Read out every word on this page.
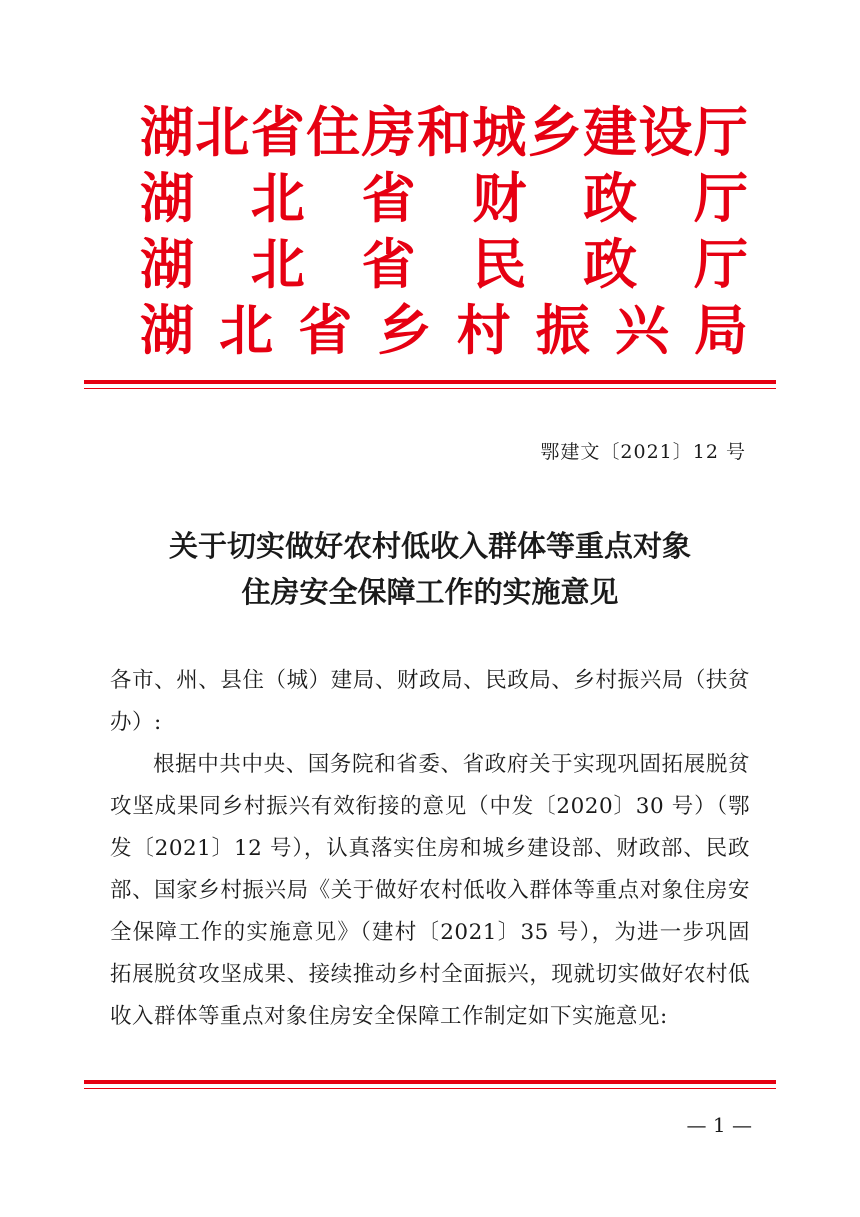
湖 北 省 住 房 和 城 乡 建 设 厅
湖 北 省 财 政 厅
湖 北 省 民 政 厅
湖 北 省 乡 村 振 兴 局
鄂建文〔2021〕12 号
关于切实做好农村低收入群体等重点对象
住房安全保障工作的实施意见

各市、州、县住（城）建局、财政局、民政局、乡村振兴局（扶贫办）:

根据中共中央、国务院和省委、省政府关于实现巩固拓展脱贫攻坚成果同乡村振兴有效衔接的意见（中发〔2020〕30 号）（鄂发〔2021〕12 号），认真落实住房和城乡建设部、财政部、民政部、国家乡村振兴局《关于做好农村低收入群体等重点对象住房安全保障工作的实施意见》（建村〔2021〕35 号），为进一步巩固拓展脱贫攻坚成果、接续推动乡村全面振兴，现就切实做好农村低收入群体等重点对象住房安全保障工作制定如下实施意见:

— 1 —
